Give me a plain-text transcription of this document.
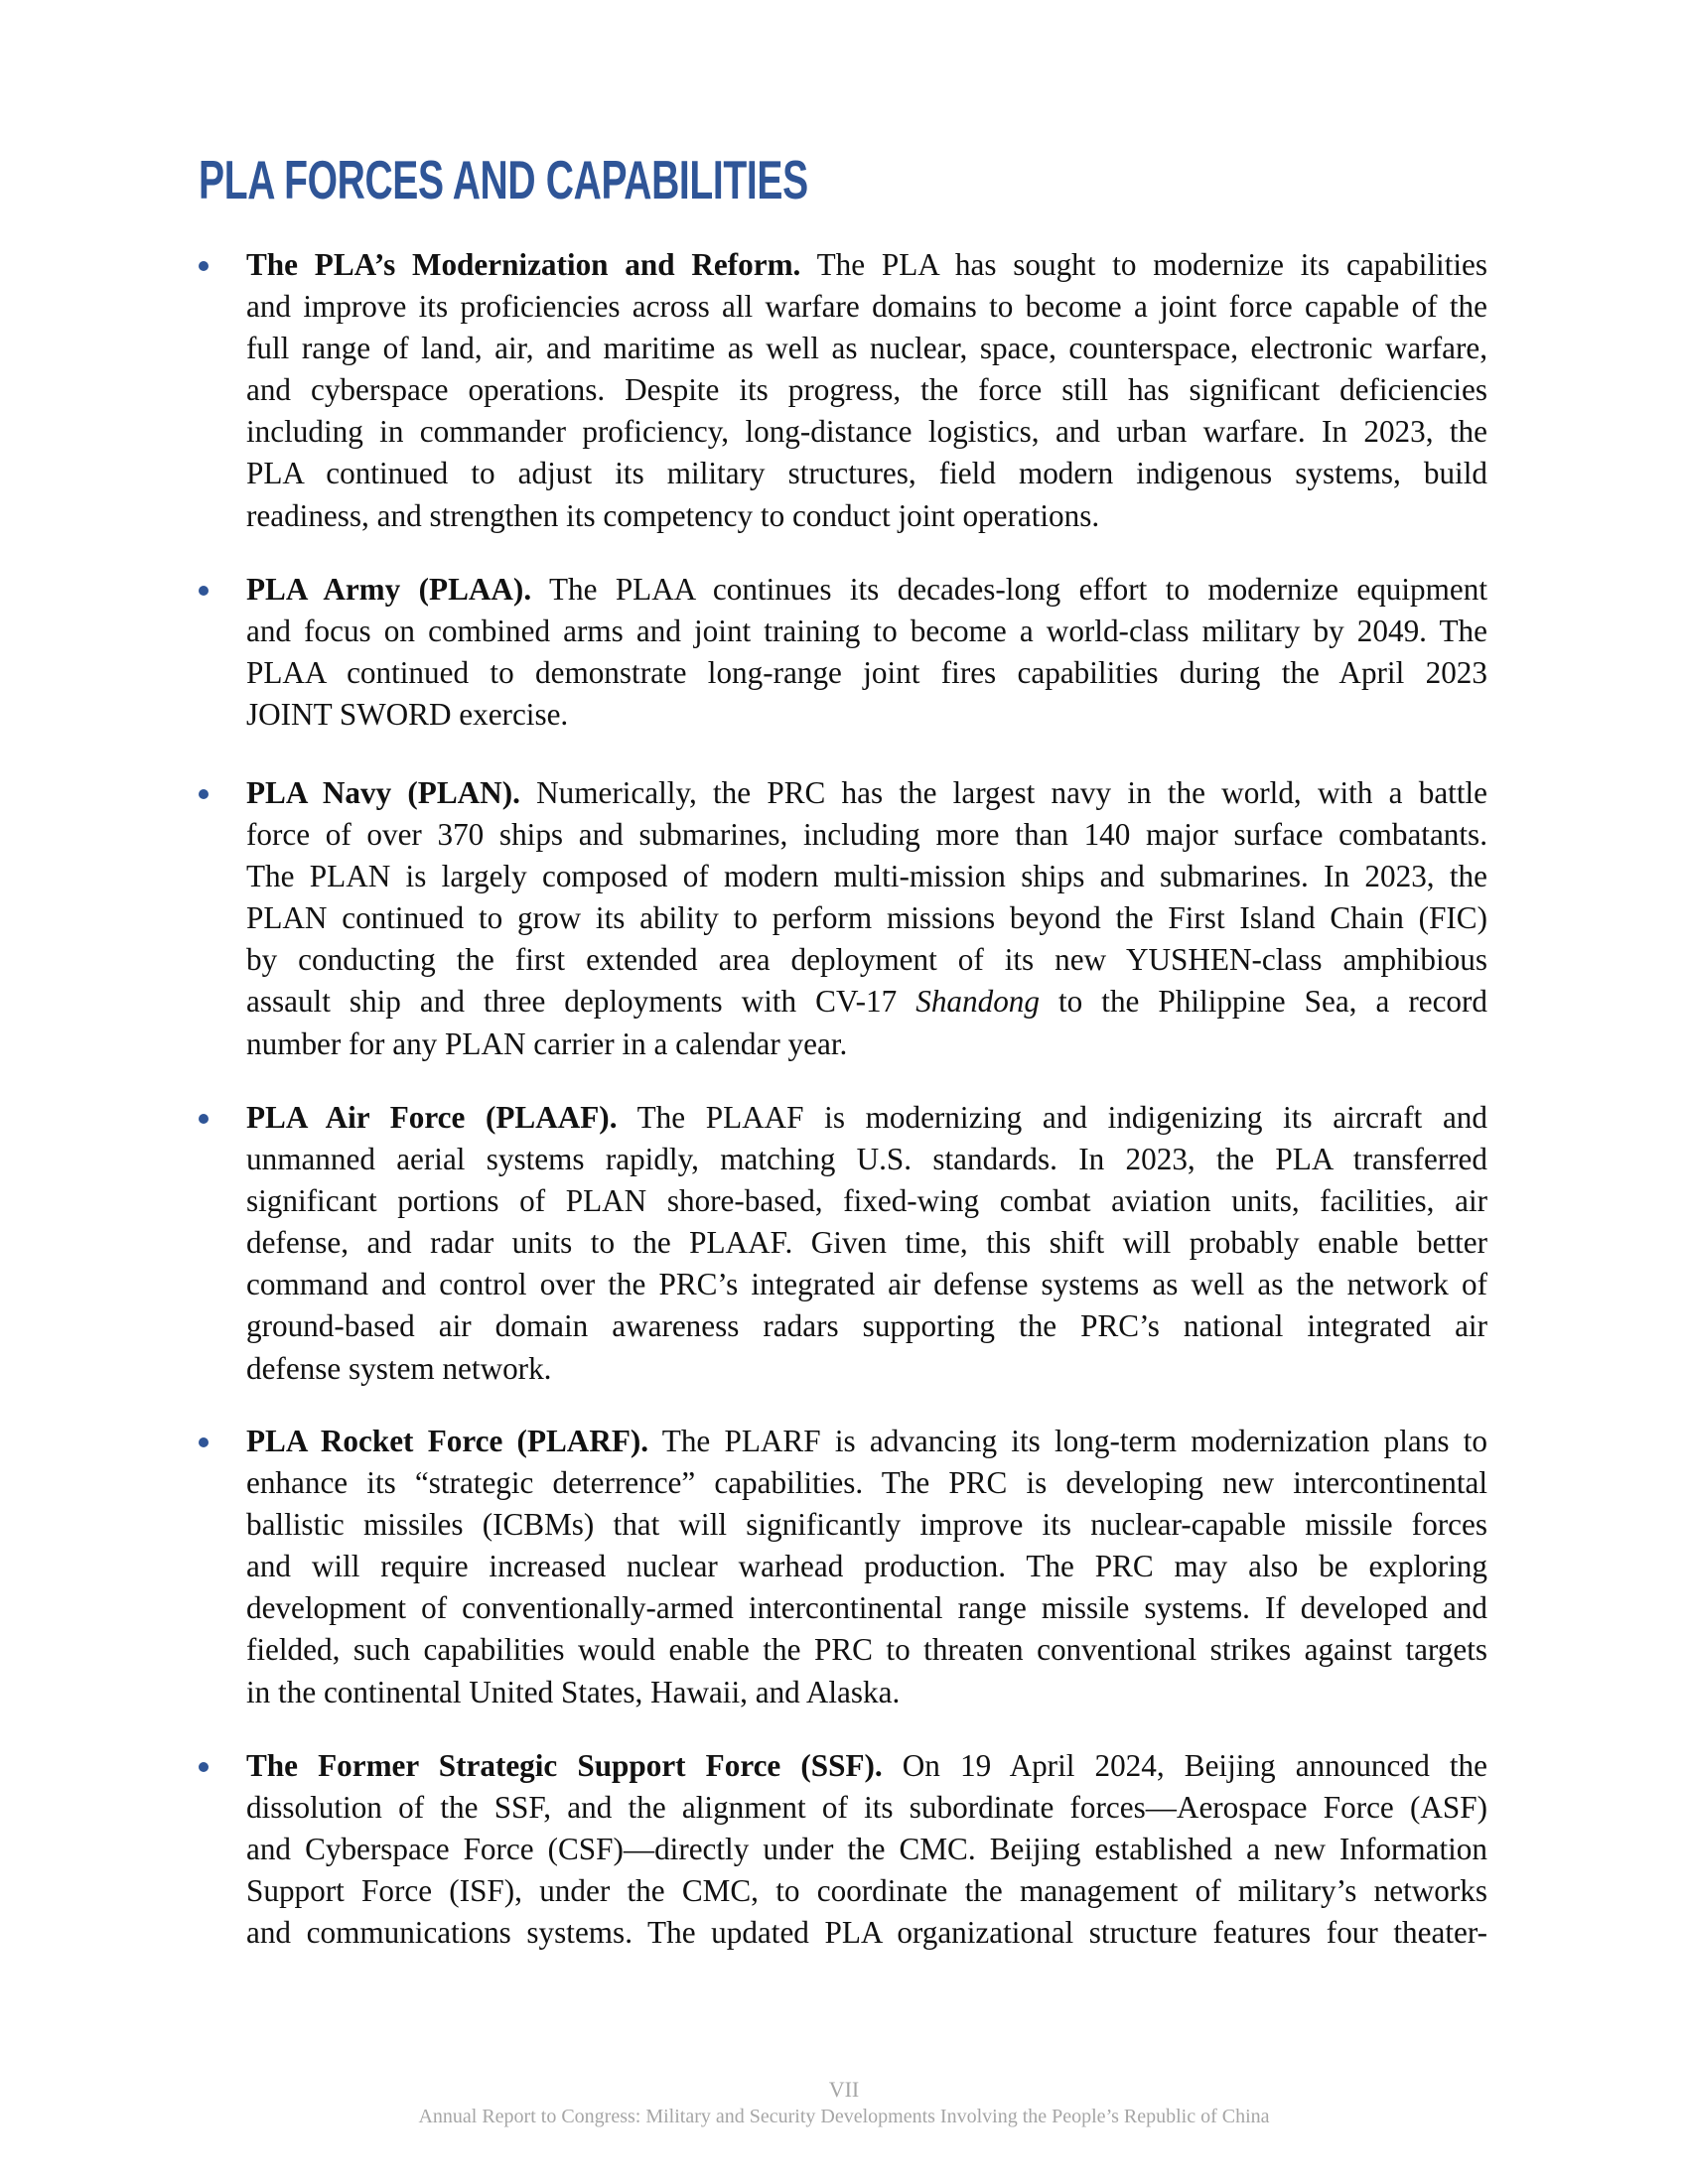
PLA FORCES AND CAPABILITIES
The PLA’s Modernization and Reform. The PLA has sought to modernize its capabilities
and improve its proficiencies across all warfare domains to become a joint force capable of the
full range of land, air, and maritime as well as nuclear, space, counterspace, electronic warfare,
and cyberspace operations. Despite its progress, the force still has significant deficiencies
including in commander proficiency, long-distance logistics, and urban warfare. In 2023, the
PLA continued to adjust its military structures, field modern indigenous systems, build
readiness, and strengthen its competency to conduct joint operations.
PLA Army (PLAA). The PLAA continues its decades-long effort to modernize equipment
and focus on combined arms and joint training to become a world-class military by 2049. The
PLAA continued to demonstrate long-range joint fires capabilities during the April 2023
JOINT SWORD exercise.
PLA Navy (PLAN). Numerically, the PRC has the largest navy in the world, with a battle
force of over 370 ships and submarines, including more than 140 major surface combatants.
The PLAN is largely composed of modern multi-mission ships and submarines. In 2023, the
PLAN continued to grow its ability to perform missions beyond the First Island Chain (FIC)
by conducting the first extended area deployment of its new YUSHEN-class amphibious
assault ship and three deployments with CV-17 Shandong to the Philippine Sea, a record
number for any PLAN carrier in a calendar year.
PLA Air Force (PLAAF). The PLAAF is modernizing and indigenizing its aircraft and
unmanned aerial systems rapidly, matching U.S. standards. In 2023, the PLA transferred
significant portions of PLAN shore-based, fixed-wing combat aviation units, facilities, air
defense, and radar units to the PLAAF. Given time, this shift will probably enable better
command and control over the PRC’s integrated air defense systems as well as the network of
ground-based air domain awareness radars supporting the PRC’s national integrated air
defense system network.
PLA Rocket Force (PLARF). The PLARF is advancing its long-term modernization plans to
enhance its “strategic deterrence” capabilities. The PRC is developing new intercontinental
ballistic missiles (ICBMs) that will significantly improve its nuclear-capable missile forces
and will require increased nuclear warhead production. The PRC may also be exploring
development of conventionally-armed intercontinental range missile systems. If developed and
fielded, such capabilities would enable the PRC to threaten conventional strikes against targets
in the continental United States, Hawaii, and Alaska.
The Former Strategic Support Force (SSF). On 19 April 2024, Beijing announced the
dissolution of the SSF, and the alignment of its subordinate forces—Aerospace Force (ASF)
and Cyberspace Force (CSF)—directly under the CMC. Beijing established a new Information
Support Force (ISF), under the CMC, to coordinate the management of military’s networks
and communications systems. The updated PLA organizational structure features four theater-
VII
Annual Report to Congress: Military and Security Developments Involving the People’s Republic of China
